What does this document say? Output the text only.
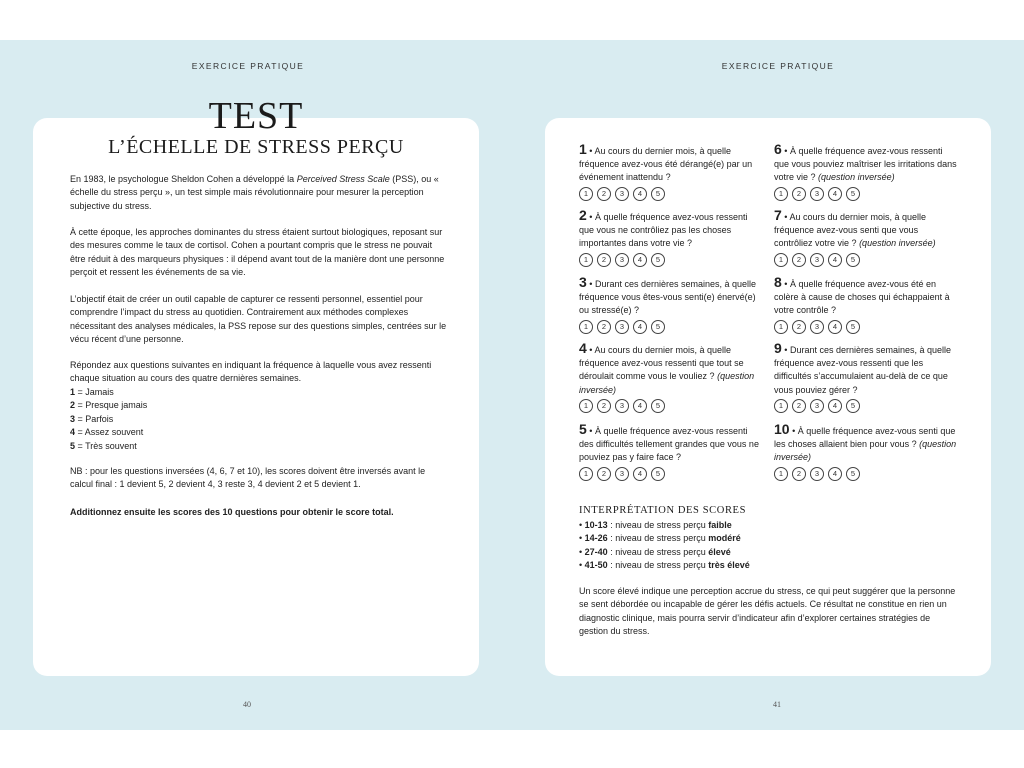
EXERCICE PRATIQUE	EXERCICE PRATIQUE
TEST
L’ÉCHELLE DE STRESS PERÇU
En 1983, le psychologue Sheldon Cohen a développé la Perceived Stress Scale (PSS), ou « échelle du stress perçu », un test simple mais révolutionnaire pour mesurer la perception subjective du stress.
À cette époque, les approches dominantes du stress étaient surtout biologiques, reposant sur des mesures comme le taux de cortisol. Cohen a pourtant compris que le stress ne pouvait être réduit à des marqueurs physiques : il dépend avant tout de la manière dont une personne perçoit et ressent les événements de sa vie.
L’objectif était de créer un outil capable de capturer ce ressenti personnel, essentiel pour comprendre l’impact du stress au quotidien. Contrairement aux méthodes complexes nécessitant des analyses médicales, la PSS repose sur des questions simples, centrées sur le vécu récent d’une personne.
Répondez aux questions suivantes en indiquant la fréquence à laquelle vous avez ressenti chaque situation au cours des quatre dernières semaines.
1 = Jamais
2 = Presque jamais
3 = Parfois
4 = Assez souvent
5 = Très souvent
NB : pour les questions inversées (4, 6, 7 et 10), les scores doivent être inversés avant le calcul final : 1 devient 5, 2 devient 4, 3 reste 3, 4 devient 2 et 5 devient 1.
Additionnez ensuite les scores des 10 questions pour obtenir le score total.
1 • Au cours du dernier mois, à quelle fréquence avez-vous été dérangé(e) par un événement inattendu ?
1	2	3	4	5
2 • À quelle fréquence avez-vous ressenti que vous ne contrôliez pas les choses importantes dans votre vie ?
1	2	3	4	5
3 • Durant ces dernières semaines, à quelle fréquence vous êtes-vous senti(e) énervé(e) ou stressé(e) ?
1	2	3	4	5
4 • Au cours du dernier mois, à quelle fréquence avez-vous ressenti que tout se déroulait comme vous le vouliez ? (question inversée)
1	2	3	4	5
5 • À quelle fréquence avez-vous ressenti des difficultés tellement grandes que vous ne pouviez pas y faire face ?
1	2	3	4	5
6 • À quelle fréquence avez-vous ressenti que vous pouviez maîtriser les irritations dans votre vie ? (question inversée)
1	2	3	4	5
7 • Au cours du dernier mois, à quelle fréquence avez-vous senti que vous contrôliez votre vie ? (question inversée)
1	2	3	4	5
8 • À quelle fréquence avez-vous été en colère à cause de choses qui échappaient à votre contrôle ?
1	2	3	4	5
9 • Durant ces dernières semaines, à quelle fréquence avez-vous ressenti que les difficultés s’accumulaient au-delà de ce que vous pouviez gérer ?
1	2	3	4	5
10 • À quelle fréquence avez-vous senti que les choses allaient bien pour vous ? (question inversée)
1	2	3	4	5
INTERPRÉTATION DES SCORES
• 10-13 : niveau de stress perçu faible
• 14-26 : niveau de stress perçu modéré
• 27-40 : niveau de stress perçu élevé
• 41-50 : niveau de stress perçu très élevé
Un score élevé indique une perception accrue du stress, ce qui peut suggérer que la personne se sent débordée ou incapable de gérer les défis actuels. Ce résultat ne constitue en rien un diagnostic clinique, mais pourra servir d’indicateur afin d’explorer certaines stratégies de gestion du stress.
40	41
